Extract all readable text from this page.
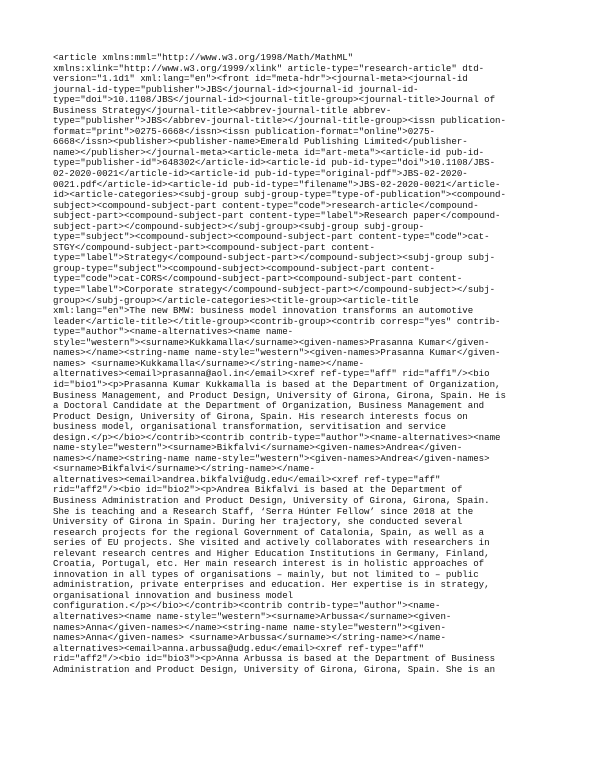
<article xmlns:mml="http://www.w3.org/1998/Math/MathML"
xmlns:xlink="http://www.w3.org/1999/xlink" article-type="research-article" dtd-
version="1.1d1" xml:lang="en"><front id="meta-hdr"><journal-meta><journal-id
journal-id-type="publisher">JBS</journal-id><journal-id journal-id-
type="doi">10.1108/JBS</journal-id><journal-title-group><journal-title>Journal of
Business Strategy</journal-title><abbrev-journal-title abbrev-
type="publisher">JBS</abbrev-journal-title></journal-title-group><issn publication-
format="print">0275-6668</issn><issn publication-format="online">0275-
6668</issn><publisher><publisher-name>Emerald Publishing Limited</publisher-
name></publisher></journal-meta><article-meta id="art-meta"><article-id pub-id-
type="publisher-id">648302</article-id><article-id pub-id-type="doi">10.1108/JBS-
02-2020-0021</article-id><article-id pub-id-type="original-pdf">JBS-02-2020-
0021.pdf</article-id><article-id pub-id-type="filename">JBS-02-2020-0021</article-
id><article-categories><subj-group subj-group-type="type-of-publication"><compound-
subject><compound-subject-part content-type="code">research-article</compound-
subject-part><compound-subject-part content-type="label">Research paper</compound-
subject-part></compound-subject></subj-group><subj-group subj-group-
type="subject"><compound-subject><compound-subject-part content-type="code">cat-
STGY</compound-subject-part><compound-subject-part content-
type="label">Strategy</compound-subject-part></compound-subject><subj-group subj-
group-type="subject"><compound-subject><compound-subject-part content-
type="code">cat-CORS</compound-subject-part><compound-subject-part content-
type="label">Corporate strategy</compound-subject-part></compound-subject></subj-
group></subj-group></article-categories><title-group><article-title
xml:lang="en">The new BMW: business model innovation transforms an automotive
leader</article-title></title-group><contrib-group><contrib corresp="yes" contrib-
type="author"><name-alternatives><name name-
style="western"><surname>Kukkamalla</surname><given-names>Prasanna Kumar</given-
names></name><string-name name-style="western"><given-names>Prasanna Kumar</given-
names> <surname>Kukkamalla</surname></string-name></name-
alternatives><email>prasanna@aol.in</email><xref ref-type="aff" rid="aff1"/><bio
id="bio1"><p>Prasanna Kumar Kukkamalla is based at the Department of Organization,
Business Management, and Product Design, University of Girona, Girona, Spain. He is
a Doctoral Candidate at the Department of Organization, Business Management and
Product Design, University of Girona, Spain. His research interests focus on
business model, organisational transformation, servitisation and service
design.</p></bio></contrib><contrib contrib-type="author"><name-alternatives><name
name-style="western"><surname>Bikfalvi</surname><given-names>Andrea</given-
names></name><string-name name-style="western"><given-names>Andrea</given-names>
<surname>Bikfalvi</surname></string-name></name-
alternatives><email>andrea.bikfalvi@udg.edu</email><xref ref-type="aff"
rid="aff2"/><bio id="bio2"><p>Andrea Bikfalvi is based at the Department of
Business Administration and Product Design, University of Girona, Girona, Spain.
She is teaching and a Research Staff, ‘Serra Húnter Fellow’ since 2018 at the
University of Girona in Spain. During her trajectory, she conducted several
research projects for the regional Government of Catalonia, Spain, as well as a
series of EU projects. She visited and actively collaborates with researchers in
relevant research centres and Higher Education Institutions in Germany, Finland,
Croatia, Portugal, etc. Her main research interest is in holistic approaches of
innovation in all types of organisations – mainly, but not limited to – public
administration, private enterprises and education. Her expertise is in strategy,
organisational innovation and business model
configuration.</p></bio></contrib><contrib contrib-type="author"><name-
alternatives><name name-style="western"><surname>Arbussa</surname><given-
names>Anna</given-names></name><string-name name-style="western"><given-
names>Anna</given-names> <surname>Arbussa</surname></string-name></name-
alternatives><email>anna.arbussa@udg.edu</email><xref ref-type="aff"
rid="aff2"/><bio id="bio3"><p>Anna Arbussa is based at the Department of Business
Administration and Product Design, University of Girona, Girona, Spain. She is an
